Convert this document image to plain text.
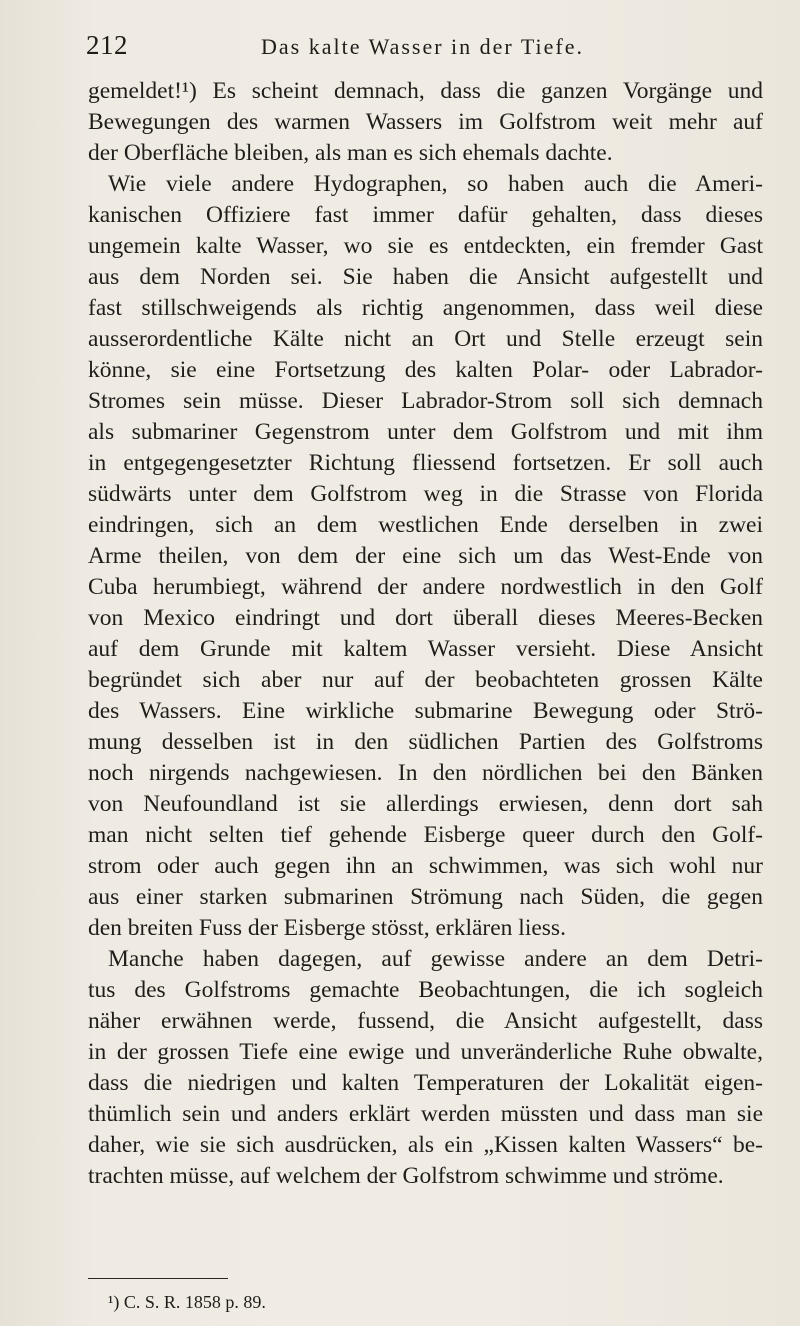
212	Das kalte Wasser in der Tiefe.
gemeldet!¹) Es scheint demnach, dass die ganzen Vorgänge und
Bewegungen des warmen Wassers im Golfstrom weit mehr auf
der Oberfläche bleiben, als man es sich ehemals dachte.
Wie viele andere Hydographen, so haben auch die Ameri-
kanischen Offiziere fast immer dafür gehalten, dass dieses
ungemein kalte Wasser, wo sie es entdeckten, ein fremder Gast
aus dem Norden sei. Sie haben die Ansicht aufgestellt und
fast stillschweigends als richtig angenommen, dass weil diese
ausserordentliche Kälte nicht an Ort und Stelle erzeugt sein
könne, sie eine Fortsetzung des kalten Polar- oder Labrador-
Stromes sein müsse. Dieser Labrador-Strom soll sich demnach
als submariner Gegenstrom unter dem Golfstrom und mit ihm
in entgegengesetzter Richtung fliessend fortsetzen. Er soll auch
südwärts unter dem Golfstrom weg in die Strasse von Florida
eindringen, sich an dem westlichen Ende derselben in zwei
Arme theilen, von dem der eine sich um das West-Ende von
Cuba herumbiegt, während der andere nordwestlich in den Golf
von Mexico eindringt und dort überall dieses Meeres-Becken
auf dem Grunde mit kaltem Wasser versieht. Diese Ansicht
begründet sich aber nur auf der beobachteten grossen Kälte
des Wassers. Eine wirkliche submarine Bewegung oder Strö-
mung desselben ist in den südlichen Partien des Golfstroms
noch nirgends nachgewiesen. In den nördlichen bei den Bänken
von Neufoundland ist sie allerdings erwiesen, denn dort sah
man nicht selten tief gehende Eisberge queer durch den Golf-
strom oder auch gegen ihn an schwimmen, was sich wohl nur
aus einer starken submarinen Strömung nach Süden, die gegen
den breiten Fuss der Eisberge stösst, erklären liess.
Manche haben dagegen, auf gewisse andere an dem Detri-
tus des Golfstroms gemachte Beobachtungen, die ich sogleich
näher erwähnen werde, fussend, die Ansicht aufgestellt, dass
in der grossen Tiefe eine ewige und unveränderliche Ruhe obwalte,
dass die niedrigen und kalten Temperaturen der Lokalität eigen-
thümlich sein und anders erklärt werden müssten und dass man sie
daher, wie sie sich ausdrücken, als ein „Kissen kalten Wassers“ be-
trachten müsse, auf welchem der Golfstrom schwimme und ströme.
¹) C. S. R. 1858 p. 89.
